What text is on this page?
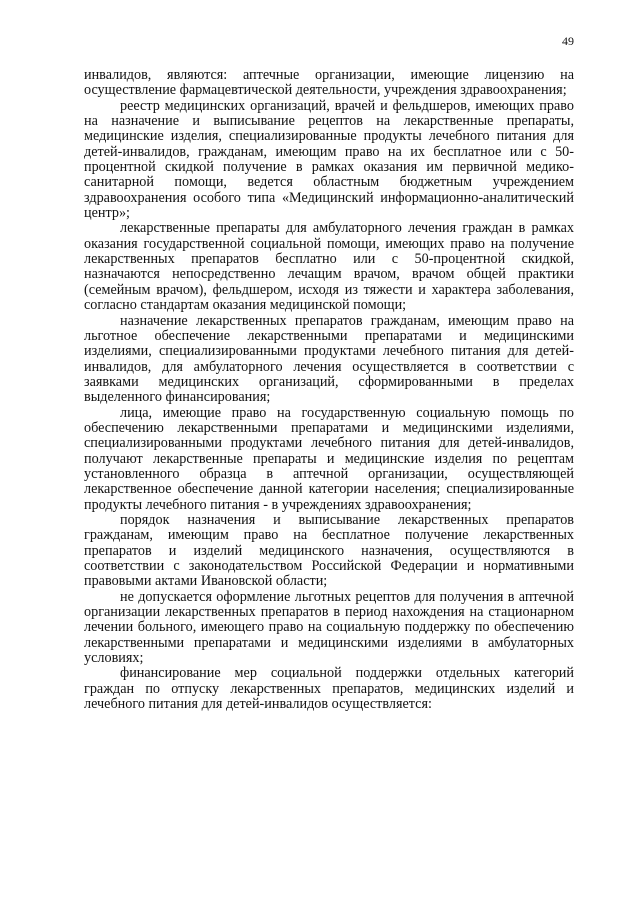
49

инвалидов, являются: аптечные организации, имеющие лицензию на осуществление фармацевтической деятельности, учреждения здравоохранения;

реестр медицинских организаций, врачей и фельдшеров, имеющих право на назначение и выписывание рецептов на лекарственные препараты, медицинские изделия, специализированные продукты лечебного питания для детей-инвалидов, гражданам, имеющим право на их бесплатное или с 50-процентной скидкой получение в рамках оказания им первичной медико-санитарной помощи, ведется областным бюджетным учреждением здравоохранения особого типа «Медицинский информационно-аналитический центр»;

лекарственные препараты для амбулаторного лечения граждан в рамках оказания государственной социальной помощи, имеющих право на получение лекарственных препаратов бесплатно или с 50-процентной скидкой, назначаются непосредственно лечащим врачом, врачом общей практики (семейным врачом), фельдшером, исходя из тяжести и характера заболевания, согласно стандартам оказания медицинской помощи;

назначение лекарственных препаратов гражданам, имеющим право на льготное обеспечение лекарственными препаратами и медицинскими изделиями, специализированными продуктами лечебного питания для детей-инвалидов, для амбулаторного лечения осуществляется в соответствии с заявками медицинских организаций, сформированными в пределах выделенного финансирования;

лица, имеющие право на государственную социальную помощь по обеспечению лекарственными препаратами и медицинскими изделиями, специализированными продуктами лечебного питания для детей-инвалидов, получают лекарственные препараты и медицинские изделия по рецептам установленного образца в аптечной организации, осуществляющей лекарственное обеспечение данной категории населения; специализированные продукты лечебного питания - в учреждениях здравоохранения;

порядок назначения и выписывание лекарственных препаратов гражданам, имеющим право на бесплатное получение лекарственных препаратов и изделий медицинского назначения, осуществляются в соответствии с законодательством Российской Федерации и нормативными правовыми актами Ивановской области;

не допускается оформление льготных рецептов для получения в аптечной организации лекарственных препаратов в период нахождения на стационарном лечении больного, имеющего право на социальную поддержку по обеспечению лекарственными препаратами и медицинскими изделиями в амбулаторных условиях;

финансирование мер социальной поддержки отдельных категорий граждан по отпуску лекарственных препаратов, медицинских изделий и лечебного питания для детей-инвалидов осуществляется:
